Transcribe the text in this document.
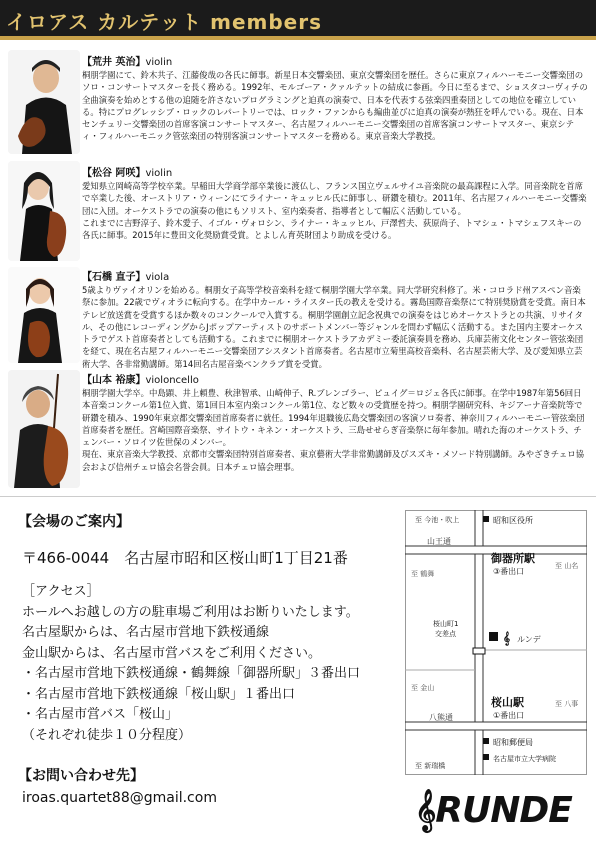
イロアス カルテット members
【荒井 英治】violin
桐朋学園にて、鈴木共子、江藤俊哉の各氏に師事。新星日本交響楽団、東京交響楽団を歴任。さらに東京フィルハーモニー交響楽団のソロ・コンサートマスターを長く務める。1992年、モルゴーア・クァルテットの結成に参画。今日に至るまで、ショスタコーヴィチの全曲演奏を始めとする他の追随を許さないプログラミングと迫真の演奏で、日本を代表する弦楽四重奏団としての地位を確立している。特にプログレッシブ・ロックのレパートリーでは、ロック・ファンからも編曲並びに迫真の演奏が熱狂を呼んでいる。現在、日本センチュリー交響楽団の首席客演コンサートマスター、名古屋フィルハーモニー交響楽団の首席客演コンサートマスター、東京シティ・フィルハーモニック管弦楽団の特別客演コンサートマスターを務める。東京音楽大学教授。
【松谷 阿咲】violin
愛知県立岡崎高等学校卒業。早稲田大学商学部卒業後に渡仏し、フランス国立ヴェルサイユ音楽院の最高課程に入学。同音楽院を首席で卒業した後、オーストリア・ウィーンにてライナー・キュッヒル氏に師事し、研鑽を積む。2011年、名古屋フィルハーモニー交響楽団に入団。オーケストラでの演奏の他にもソリスト、室内楽奏者、指導者として幅広く活動している。
これまでに吉野淳子、鈴木愛子、イゴル・ヴォロシン、ライナー・キュッヒル、戸澤哲夫、荻原尚子、トマシュ・トマシェフスキーの各氏に師事。2015年に豊田文化奨励賞受賞。とよしん育英財団より助成を受ける。
【石橋 直子】viola
5歳よりヴァイオリンを始める。桐朋女子高等学校音楽科を経て桐朋学園大学卒業。同大学研究科修了。米・コロラド州アスペン音楽祭に参加。22歳でヴィオラに転向する。在学中カール・ライスター氏の教えを受ける。霧島国際音楽祭にて特別奨励賞を受賞。南日本テレビ放送賞を受賞するほか数々のコンクールで入賞する。桐朋学園創立記念祝典での演奏をはじめオーケストラとの共演、リサイタル、その他にレコーディングからJポップアーティストのサポートメンバー等ジャンルを問わず幅広く活動する。また国内主要オーケストラでゲスト首席奏者としても活動する。これまでに桐朋オーケストラアカデミー委託演奏員を務め、兵庫芸術文化センター管弦楽団を経て、現在名古屋フィルハーモニー交響楽団アシスタント首席奏者。名古屋市立菊里高校音楽科、名古屋芸術大学、及び愛知県立芸術大学、各非常勤講師。第14回名古屋音楽ペンクラブ賞を受賞。
【山本 裕康】violoncello
桐朋学園大学卒。中島顕、井上頼豊、秋津智承、山崎伸子、R.ブレンゴラー、ピュイグ＝ロジェ各氏に師事。在学中1987年第56回日本音楽コンクール第1位入賞、第1回日本室内楽コンクール第1位、など数々の受賞歴を持つ。桐朋学園研究科、キジアーナ音楽院等で研鑽を積み、1990年東京都交響楽団首席奏者に就任。1994年退職後広島交響楽団の客演ソロ奏者、神奈川フィルハーモニー管弦楽団首席奏者を歴任。宮崎国際音楽祭、サイトウ・キネン・オーケストラ、三島せせらぎ音楽祭に毎年参加。晴れた海のオーケストラ、チェンバー・ソロイツ佐世保のメンバー。
現在、東京音楽大学教授、京都市交響楽団特別首席奏者、東京藝術大学非常勤講師及びスズキ・メソード特別講師。みやざきチェロ協会および信州チェロ協会名誉会員。日本チェロ協会理事。
【会場のご案内】
〒466-0044　名古屋市昭和区桜山町1丁目21番
［アクセス］
ホールへお越しの方の駐車場ご利用はお断りいたします。
名古屋駅からは、名古屋市営地下鉄桜通線
金山駅からは、名古屋市営バスをご利用ください。
・名古屋市営地下鉄桜通線・鶴舞線「御器所駅」３番出口
・名古屋市営地下鉄桜通線「桜山駅」１番出口
・名古屋市営バス「桜山」
（それぞれ徒歩１０分程度）
【お問い合わせ先】
iroas.quartet88@gmail.com
至 今池・吹上	昭和区役所
山王通
御器所駅
③番出口
至 山名
至 鶴舞
桜山町1
交差点	𝄞 ルンデ
桜山駅
①番出口
至 八事
八熊通
至 金山
昭和郵便局
名古屋市立大学病院
至 新瑞橋
𝄞RUNDE
